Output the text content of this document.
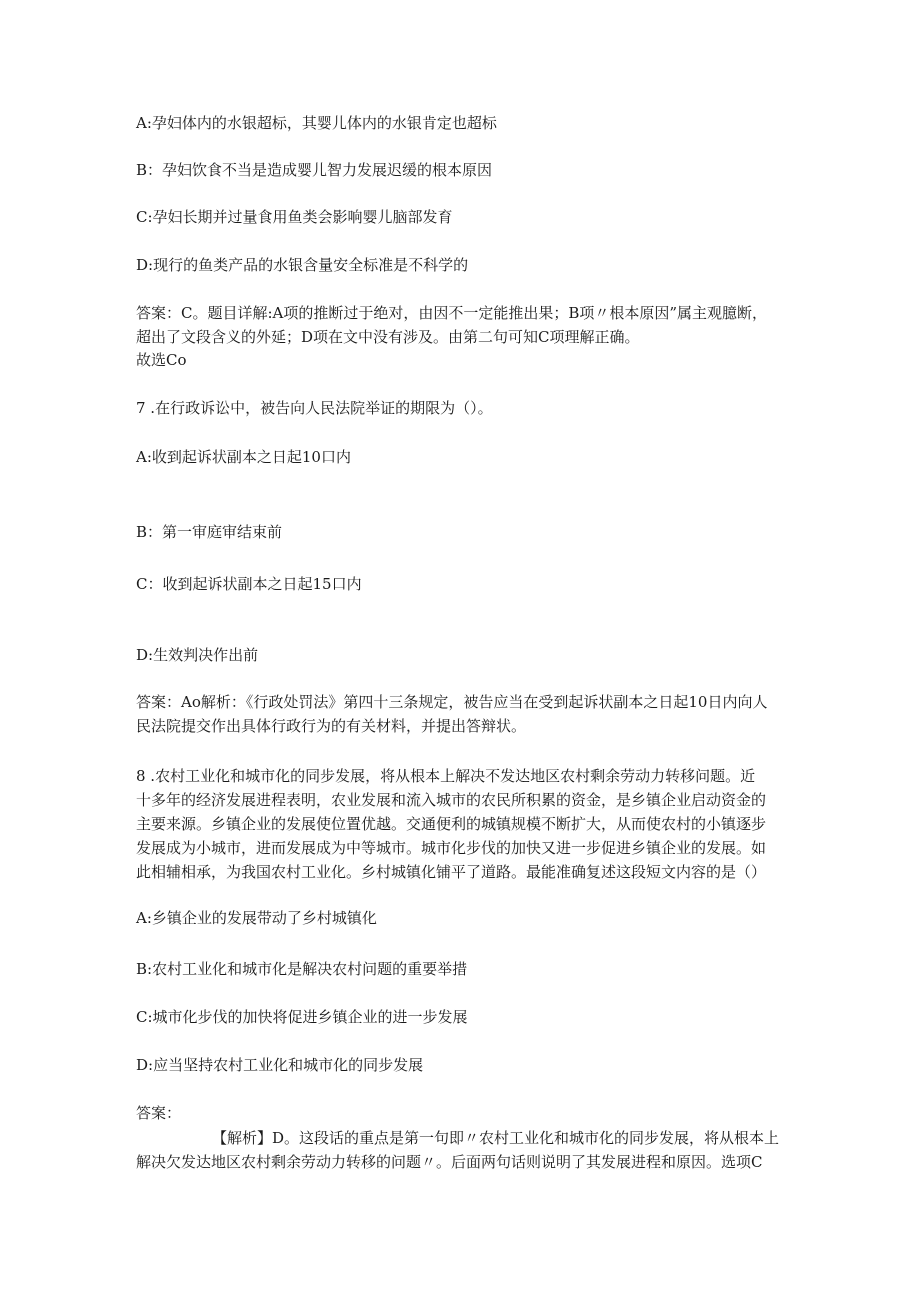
A:孕妇体内的水银超标，其婴儿体内的水银肯定也超标
B：孕妇饮食不当是造成婴儿智力发展迟缓的根本原因
C:孕妇长期并过量食用鱼类会影响婴儿脑部发育
D:现行的鱼类产品的水银含量安全标准是不科学的

答案：C。题目详解:A项的推断过于绝对，由因不一定能推出果；B项〃根本原因”属主观臆断，

超出了文段含义的外延；D项在文中没有涉及。由第二句可知C项理解正确。

故选Co

7 .在行政诉讼中，被告向人民法院举证的期限为（）。
A:收到起诉状副本之日起10口内
B：第一审庭审结束前
C：收到起诉状副本之日起15口内
D:生效判决作出前

答案：Ao解析：《行政处罚法》第四十三条规定，被告应当在受到起诉状副本之日起10日内向人

民法院提交作出具体行政行为的有关材料，并提出答辩状。

8 .农村工业化和城市化的同步发展，将从根本上解决不发达地区农村剩余劳动力转移问题。近

十多年的经济发展进程表明，农业发展和流入城市的农民所积累的资金，是乡镇企业启动资金的

主要来源。乡镇企业的发展使位置优越。交通便利的城镇规模不断扩大，从而使农村的小镇逐步

发展成为小城市，进而发展成为中等城市。城市化步伐的加快又进一步促进乡镇企业的发展。如

此相辅相承，为我国农村工业化。乡村城镇化铺平了道路。最能准确复述这段短文内容的是（）

A:乡镇企业的发展带动了乡村城镇化
B:农村工业化和城市化是解决农村问题的重要举措
C:城市化步伐的加快将促进乡镇企业的进一步发展
D:应当坚持农村工业化和城市化的同步发展
答案：

【解析】D。这段话的重点是第一句即〃农村工业化和城市化的同步发展，将从根本上

解决欠发达地区农村剩余劳动力转移的问题〃。后面两句话则说明了其发展进程和原因。选项C
